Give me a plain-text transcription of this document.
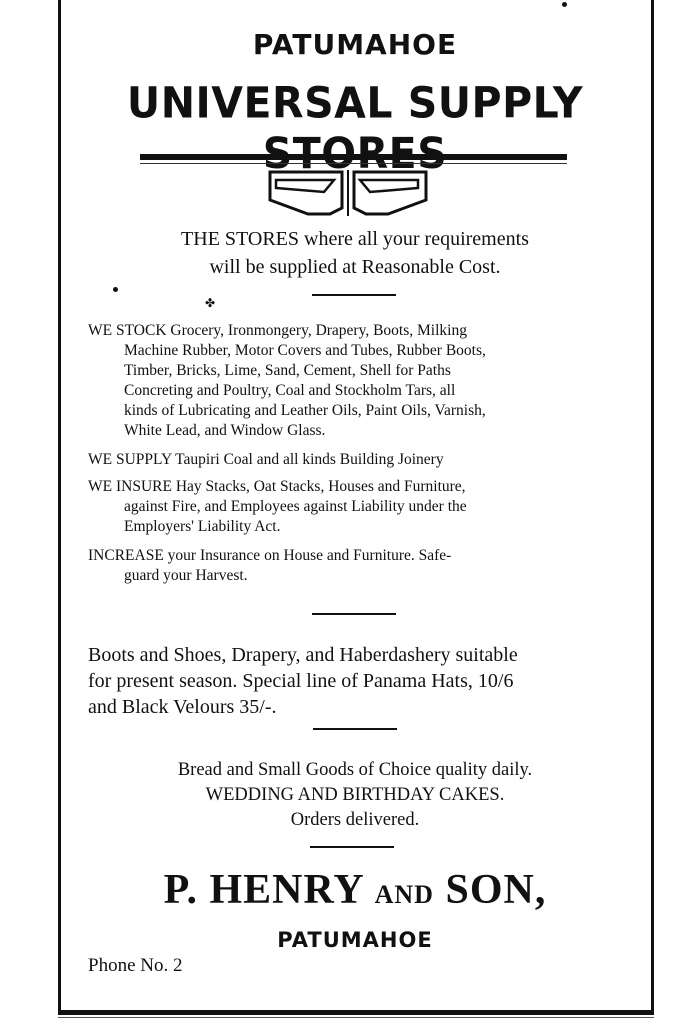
PATUMAHOE
UNIVERSAL SUPPLY
THE STORES where all your requirements
will be supplied at Reasonable Cost.
✤

WE STOCK Grocery, Ironmongery, Drapery, Boots, Milking

Machine Rubber, Motor Covers and Tubes, Rubber Boots,

Timber, Bricks, Lime, Sand, Cement, Shell for Paths

Concreting and Poultry, Coal and Stockholm Tars, all

kinds of Lubricating and Leather Oils, Paint Oils, Varnish,

White Lead, and Window Glass.

WE SUPPLY Taupiri Coal and all kinds Building Joinery

WE INSURE Hay Stacks, Oat Stacks, Houses and Furniture,

against Fire, and Employees against Liability under the

Employers' Liability Act.

INCREASE your Insurance on House and Furniture. Safe-

guard your Harvest.

Boots and Shoes, Drapery, and Haberdashery suitable

for present season. Special line of Panama Hats, 10/6

and Black Velours 35/-.

Bread and Small Goods of Choice quality daily.
WEDDING AND BIRTHDAY CAKES.
Orders delivered.
P. HENRY AND SON,
PATUMAHOE
Phone No. 2
